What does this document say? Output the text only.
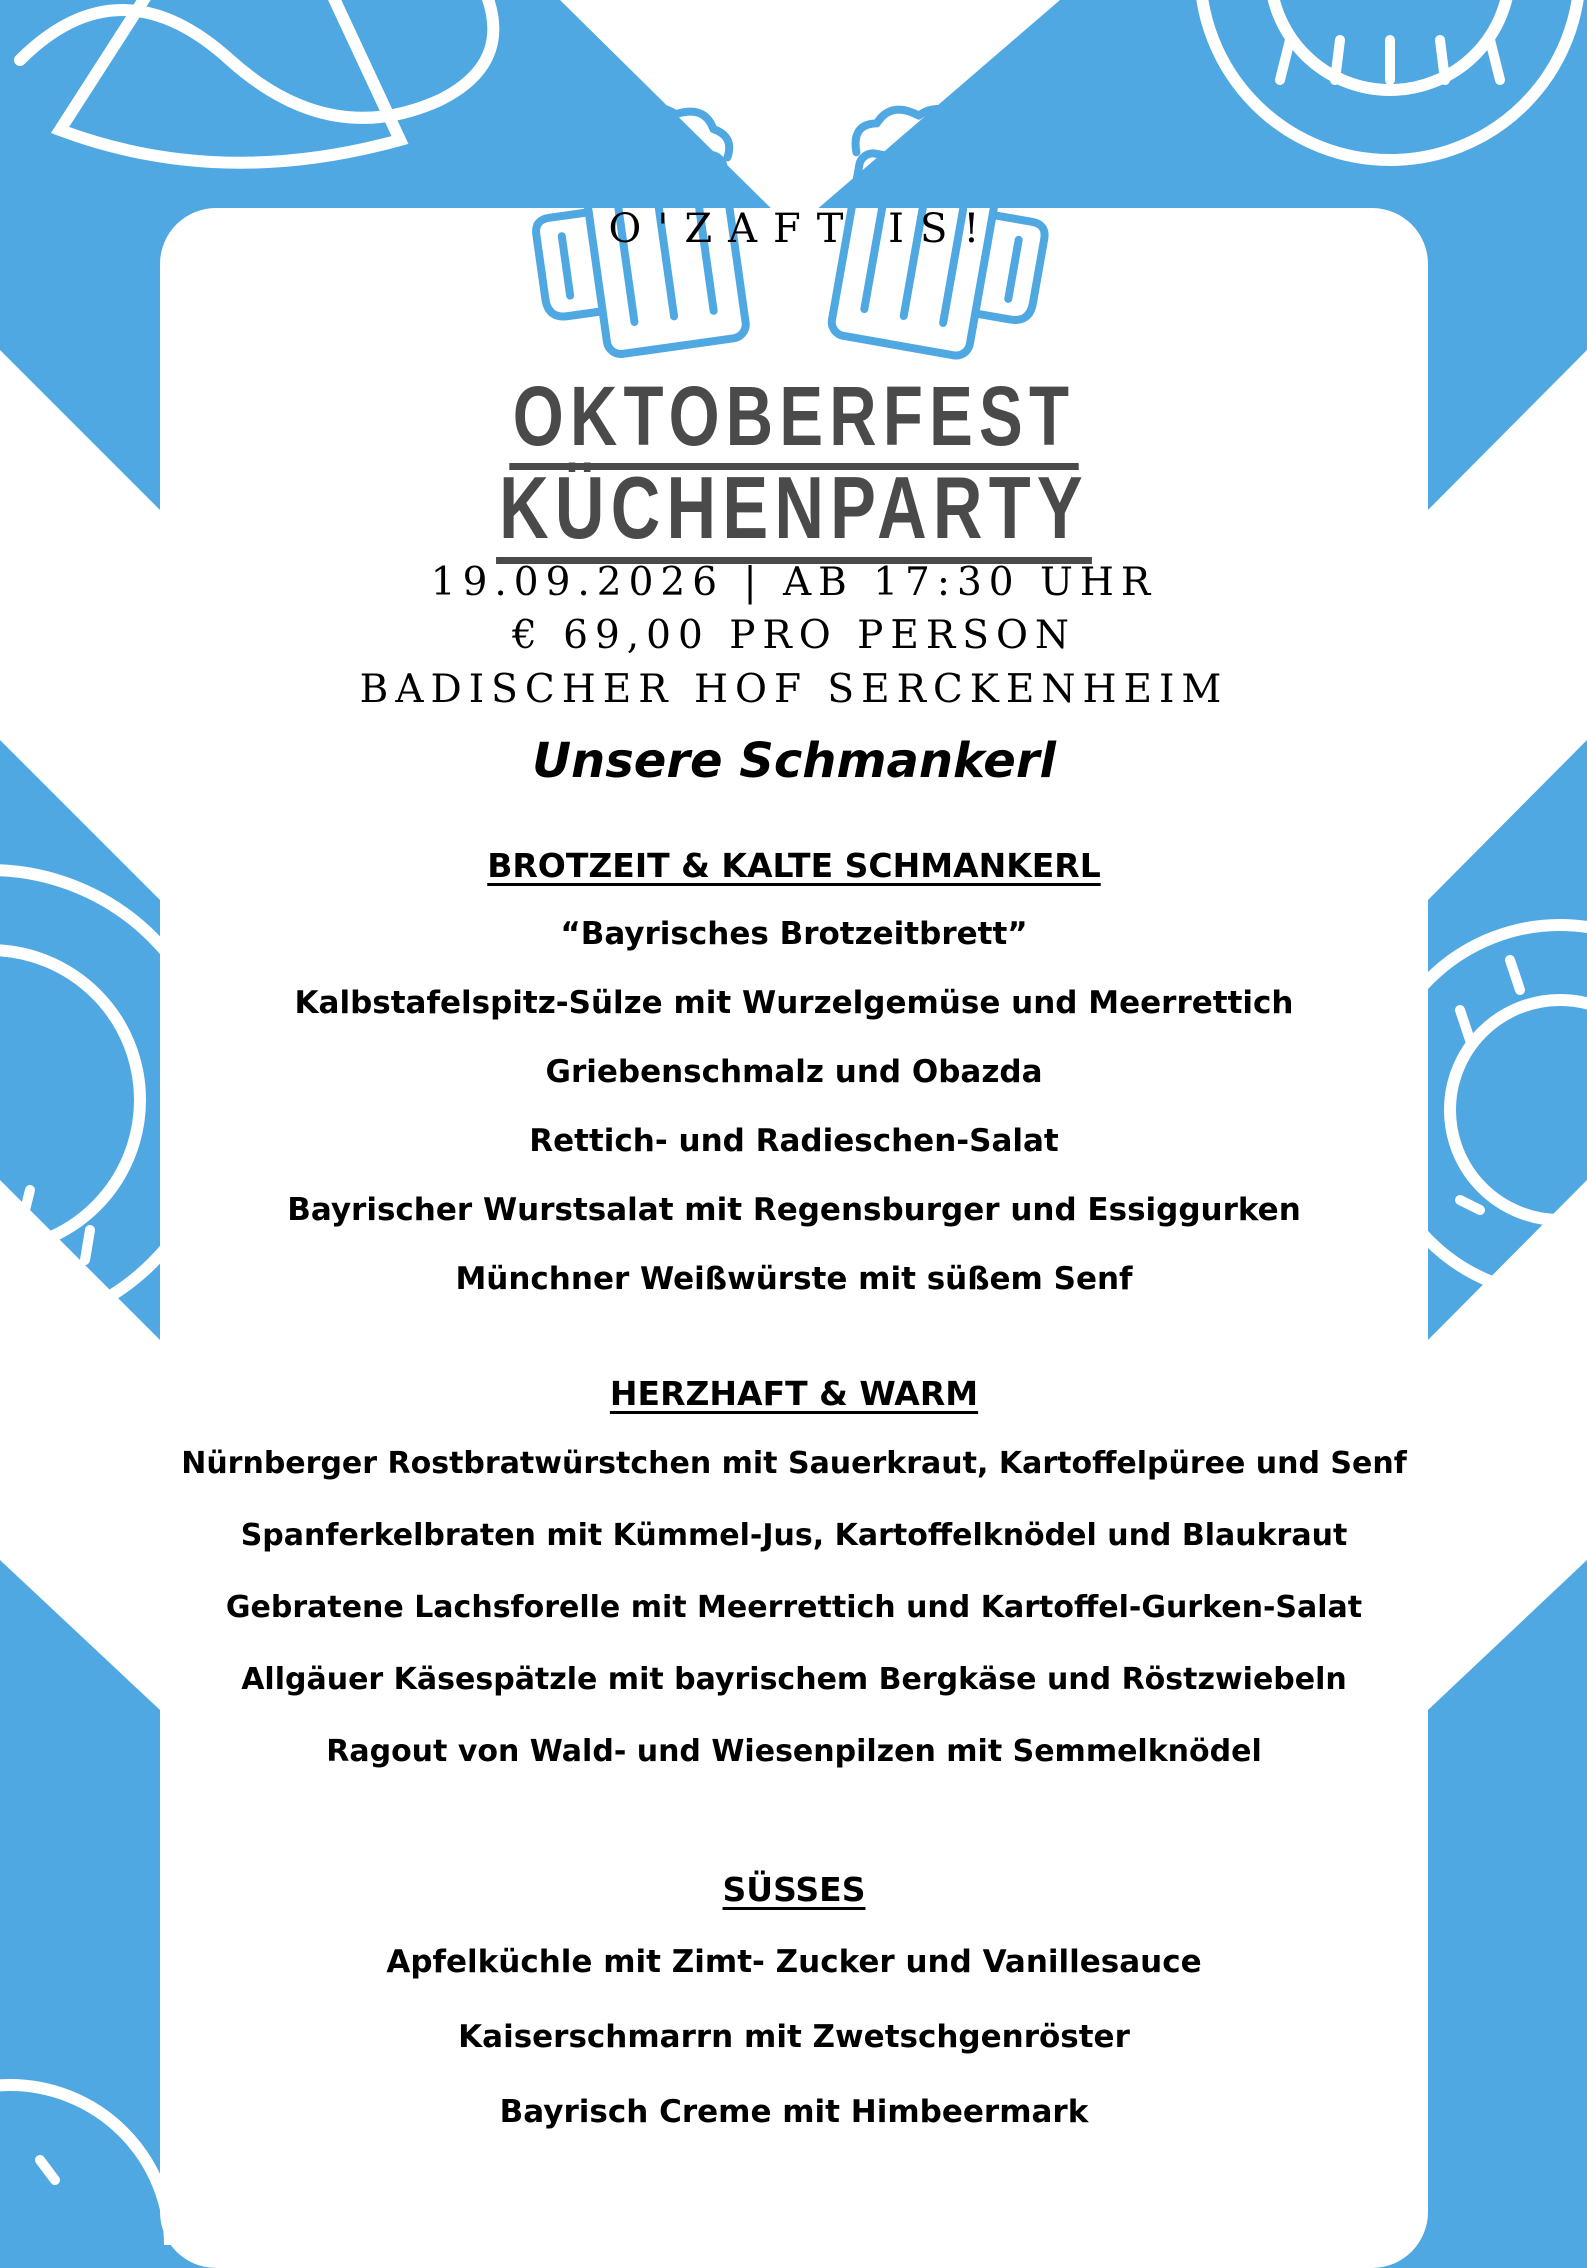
O'ZAFT IS!
OKTOBERFEST
KÜCHENPARTY
19.09.2026 | AB 17:30 UHR
€ 69,00 PRO PERSON
BADISCHER HOF SERCKENHEIM
Unsere Schmankerl
BROTZEIT & KALTE SCHMANKERL
“Bayrisches Brotzeitbrett”
Kalbstafelspitz-Sülze mit Wurzelgemüse und Meerrettich
Griebenschmalz und Obazda
Rettich- und Radieschen-Salat
Bayrischer Wurstsalat mit Regensburger und Essiggurken
Münchner Weißwürste mit süßem Senf
HERZHAFT & WARM
Nürnberger Rostbratwürstchen mit Sauerkraut, Kartoffelpüree und Senf
Spanferkelbraten mit Kümmel-Jus, Kartoffelknödel und Blaukraut
Gebratene Lachsforelle mit Meerrettich und Kartoffel-Gurken-Salat
Allgäuer Käsespätzle mit bayrischem Bergkäse und Röstzwiebeln
Ragout von Wald- und Wiesenpilzen mit Semmelknödel
SÜSSES
Apfelküchle mit Zimt- Zucker und Vanillesauce
Kaiserschmarrn mit Zwetschgenröster
Bayrisch Creme mit Himbeermark
